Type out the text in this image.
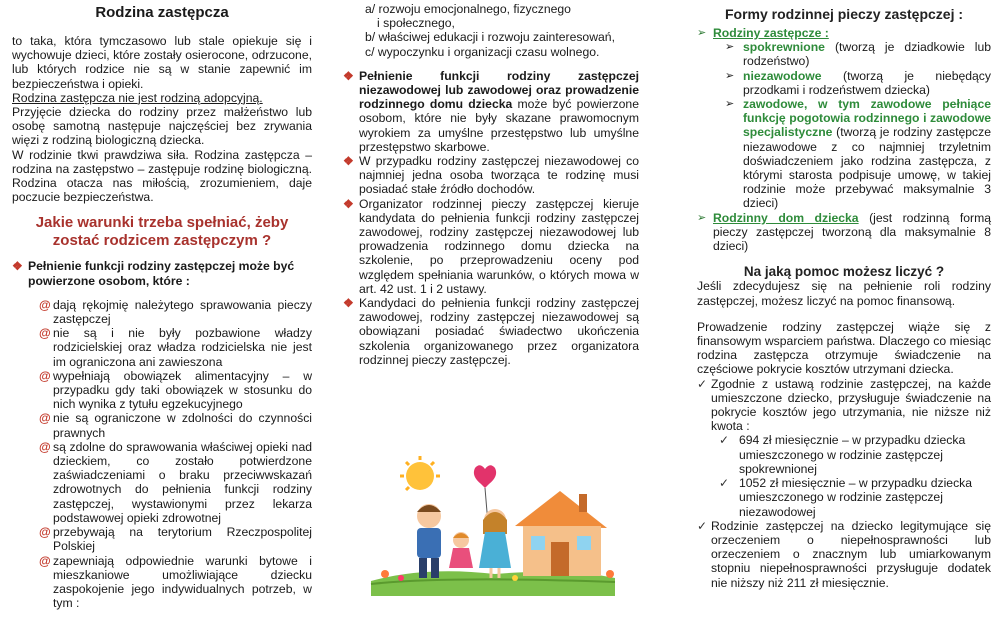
Rodzina zastępcza
to taka, która tymczasowo lub stale opiekuje się i wychowuje dzieci, które zostały osierocone, odrzucone, lub których rodzice nie są w stanie zapewnić im bezpieczeństwa i opieki.
Rodzina zastępcza nie jest rodziną adopcyjną.
Przyjęcie dziecka do rodziny przez małżeństwo lub osobę samotną następuje najczęściej bez zrywania więzi z rodziną biologiczną dziecka.
W rodzinie tkwi prawdziwa siła. Rodzina zastępcza – rodzina na zastępstwo – zastępuje rodzinę biologiczną. Rodzina otacza nas miłością, zrozumieniem, daje poczucie bezpieczeństwa.
Jakie warunki trzeba spełniać, żeby zostać rodzicem zastępczym ?
❖ Pełnienie funkcji rodziny zastępczej może być powierzone osobom, które :
@ dają rękojmię należytego sprawowania pieczy zastępczej
@ nie są i nie były pozbawione władzy rodzicielskiej oraz władza rodzicielska nie jest im ograniczona ani zawieszona
@ wypełniają obowiązek alimentacyjny – w przypadku gdy taki obowiązek w stosunku do nich wynika z tytułu egzekucyjnego
@ nie są ograniczone w zdolności do czynności prawnych
@ są zdolne do sprawowania właściwej opieki nad dzieckiem, co zostało potwierdzone zaświadczeniami o braku przeciwwskazań zdrowotnych do pełnienia funkcji rodziny zastępczej, wystawionymi przez lekarza podstawowej opieki zdrowotnej
@ przebywają na terytorium Rzeczpospolitej Polskiej
@ zapewniają odpowiednie warunki bytowe i mieszkaniowe umożliwiające dziecku zaspokojenie jego indywidualnych potrzeb, w tym :
a/ rozwoju emocjonalnego, fizycznego
i społecznego,
b/ właściwej edukacji i rozwoju zainteresowań,
c/ wypoczynku i organizacji czasu wolnego.
❖ Pełnienie funkcji rodziny zastępczej niezawodowej lub zawodowej oraz prowadzenie rodzinnego domu dziecka może być powierzone osobom, które nie były skazane prawomocnym wyrokiem za umyślne przestępstwo lub umyślne przestępstwo skarbowe.
❖ W przypadku rodziny zastępczej niezawodowej co najmniej jedna osoba tworząca te rodzinę musi posiadać stałe źródło dochodów.
❖ Organizator rodzinnej pieczy zastępczej kieruje kandydata do pełnienia funkcji rodziny zastępczej zawodowej, rodziny zastępczej niezawodowej lub prowadzenia rodzinnego domu dziecka na szkolenie, po przeprowadzeniu oceny pod względem spełniania warunków, o których mowa w art. 42 ust. 1 i 2 ustawy.
❖ Kandydaci do pełnienia funkcji rodziny zastępczej zawodowej, rodziny zastępczej niezawodowej są obowiązani posiadać świadectwo ukończenia szkolenia organizowanego przez organizatora rodzinnej pieczy zastępczej.
Formy rodzinnej pieczy zastępczej :
➢ Rodziny zastępcze :
➢ spokrewnione (tworzą je dziadkowie lub rodzeństwo)
➢ niezawodowe (tworzą je niebędący przodkami i rodzeństwem dziecka)
➢ zawodowe, w tym zawodowe pełniące funkcję pogotowia rodzinnego i zawodowe specjalistyczne (tworzą je rodziny zastępcze niezawodowe z co najmniej trzyletnim doświadczeniem jako rodzina zastępcza, z którymi starosta podpisuje umowę, w takiej rodzinie może przebywać maksymalnie 3 dzieci)
➢ Rodzinny dom dziecka (jest rodzinną formą pieczy zastępczej tworzoną dla maksymalnie 8 dzieci)
Na jaką pomoc możesz liczyć ?
Jeśli zdecydujesz się na pełnienie roli rodziny zastępczej, możesz liczyć na pomoc finansową.
Prowadzenie rodziny zastępczej wiąże się z finansowym wsparciem państwa. Dlaczego co miesiąc rodzina zastępcza otrzymuje świadczenie na częściowe pokrycie kosztów utrzymani dziecka.
✓ Zgodnie z ustawą rodzinie zastępczej, na każde umieszczone dziecko, przysługuje świadczenie na pokrycie kosztów jego utrzymania, nie niższe niż kwota :
✓ 694 zł miesięcznie – w przypadku dziecka umieszczonego w rodzinie zastępczej spokrewnionej
✓ 1052 zł miesięcznie – w przypadku dziecka umieszczonego w rodzinie zastępczej niezawodowej
✓ Rodzinie zastępczej na dziecko legitymujące się orzeczeniem o niepełnosprawności lub orzeczeniem o znacznym lub umiarkowanym stopniu niepełnosprawności przysługuje dodatek nie niższy niż 211 zł miesięcznie.
